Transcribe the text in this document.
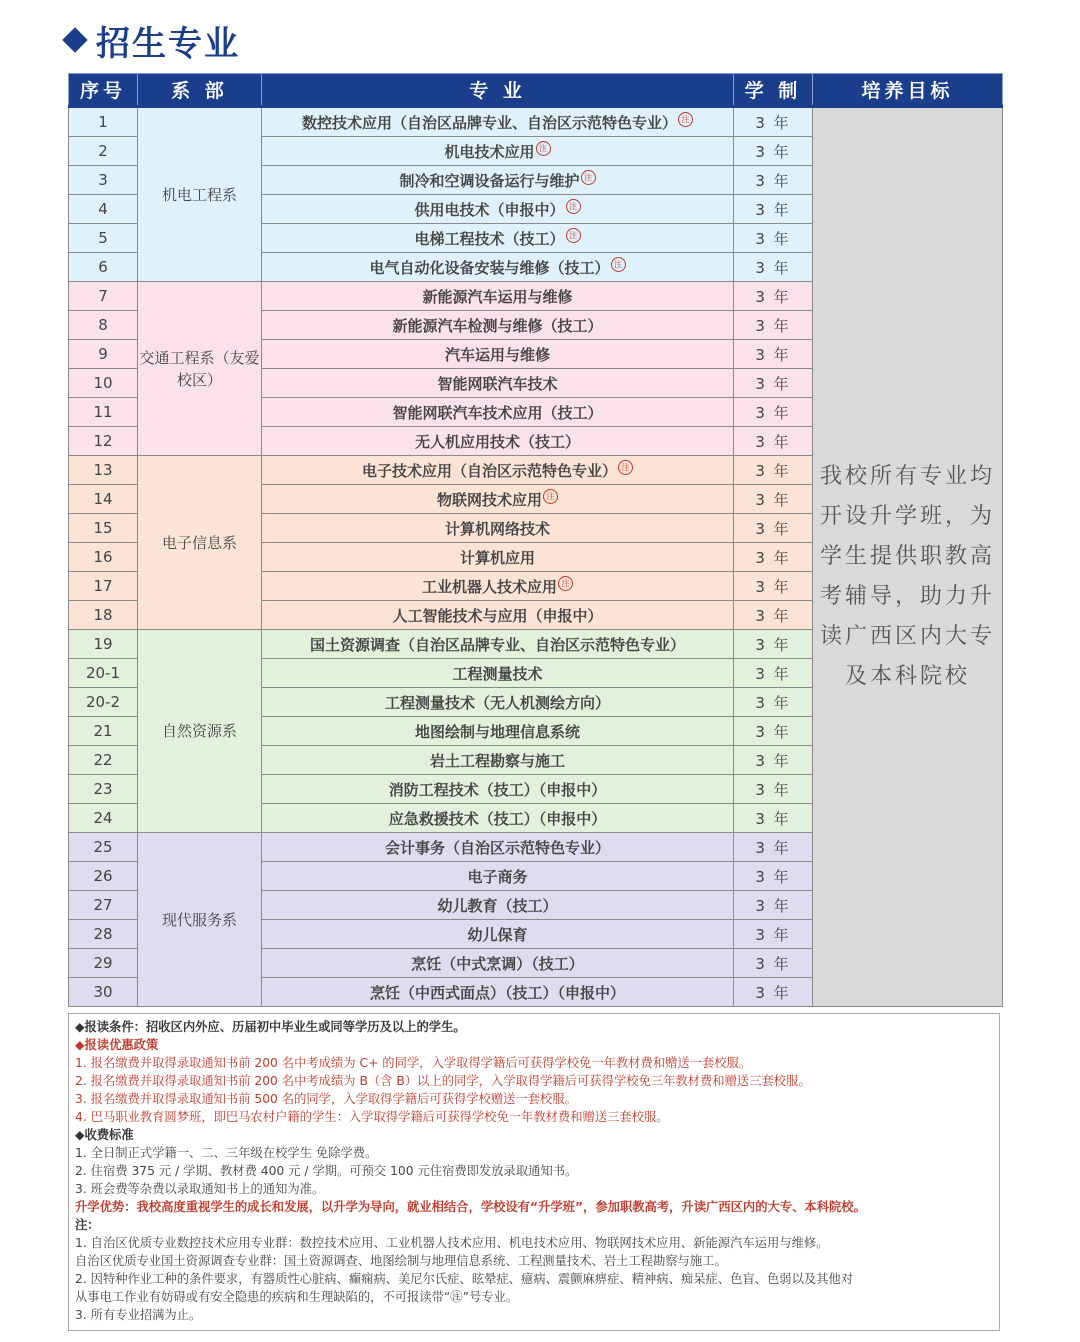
招生专业
序号	系 部	专 业	学 制	培养目标
1	机电工程系	数控技术应用（自治区品牌专业、自治区示范特色专业） 注	3 年	我校所有专业均开设升学班，为学生提供职教高考辅导，助力升读广西区内大专及本科院校

2		机电技术应用 注	3 年	
3		制冷和空调设备运行与维护 注	3 年	
4		供用电技术（申报中） 注	3 年	
5		电梯工程技术（技工） 注	3 年	
6		电气自动化设备安装与维修（技工） 注	3 年	
7	交通工程系（友爱校区）	新能源汽车运用与维修	3 年	
8		新能源汽车检测与维修（技工）	3 年	
9		汽车运用与维修	3 年	
10		智能网联汽车技术	3 年	
11		智能网联汽车技术应用（技工）	3 年	
12		无人机应用技术（技工）	3 年	
13	电子信息系	电子技术应用（自治区示范特色专业） 注	3 年	
14		物联网技术应用 注	3 年	
15		计算机网络技术	3 年	
16		计算机应用	3 年	
17		工业机器人技术应用 注	3 年	
18		人工智能技术与应用（申报中）	3 年	
19	自然资源系	国土资源调查（自治区品牌专业、自治区示范特色专业）	3 年	
20-1		工程测量技术	3 年	
20-2		工程测量技术（无人机测绘方向）	3 年	
21		地图绘制与地理信息系统	3 年	
22		岩土工程勘察与施工	3 年	
23		消防工程技术（技工）（申报中）	3 年	
24		应急救援技术（技工）（申报中）	3 年	
25	现代服务系	会计事务（自治区示范特色专业）	3 年	
26		电子商务	3 年	
27		幼儿教育（技工）	3 年	
28		幼儿保育	3 年	
29		烹饪（中式烹调）（技工）	3 年	
30		烹饪（中西式面点）（技工）（申报中）	3 年	
◆报读条件：招收区内外应、历届初中毕业生或同等学历及以上的学生。
◆报读优惠政策
1. 报名缴费并取得录取通知书前 200 名中考成绩为 C+ 的同学，入学取得学籍后可获得学校免一年教材费和赠送一套校服。
2. 报名缴费并取得录取通知书前 200 名中考成绩为 B（含 B）以上的同学，入学取得学籍后可获得学校免三年教材费和赠送三套校服。
3. 报名缴费并取得录取通知书前 500 名的同学，入学取得学籍后可获得学校赠送一套校服。
4. 巴马职业教育圆梦班，即巴马农村户籍的学生：入学取得学籍后可获得学校免一年教材费和赠送三套校服。
◆收费标准
1. 全日制正式学籍一、二、三年级在校学生 免除学费。
2. 住宿费 375 元 / 学期、教材费 400 元 / 学期。可预交 100 元住宿费即发放录取通知书。
3. 班会费等杂费以录取通知书上的通知为准。
升学优势：我校高度重视学生的成长和发展，以升学为导向，就业相结合，学校设有“升学班”，参加职教高考，升读广西区内的大专、本科院校。
注：
1. 自治区优质专业数控技术应用专业群：数控技术应用、工业机器人技术应用、机电技术应用、物联网技术应用、新能源汽车运用与维修。
自治区优质专业国土资源调查专业群：国土资源调查、地图绘制与地理信息系统、工程测量技术、岩土工程勘察与施工。
2. 因特种作业工种的条件要求，有器质性心脏病、癫痫病、美尼尔氏症、眩晕症、癔病、震颤麻痹症、精神病、痴呆症、色盲、色弱以及其他对
从事电工作业有妨碍或有安全隐患的疾病和生理缺陷的，不可报读带“㊟”号专业。
3. 所有专业招满为止。
